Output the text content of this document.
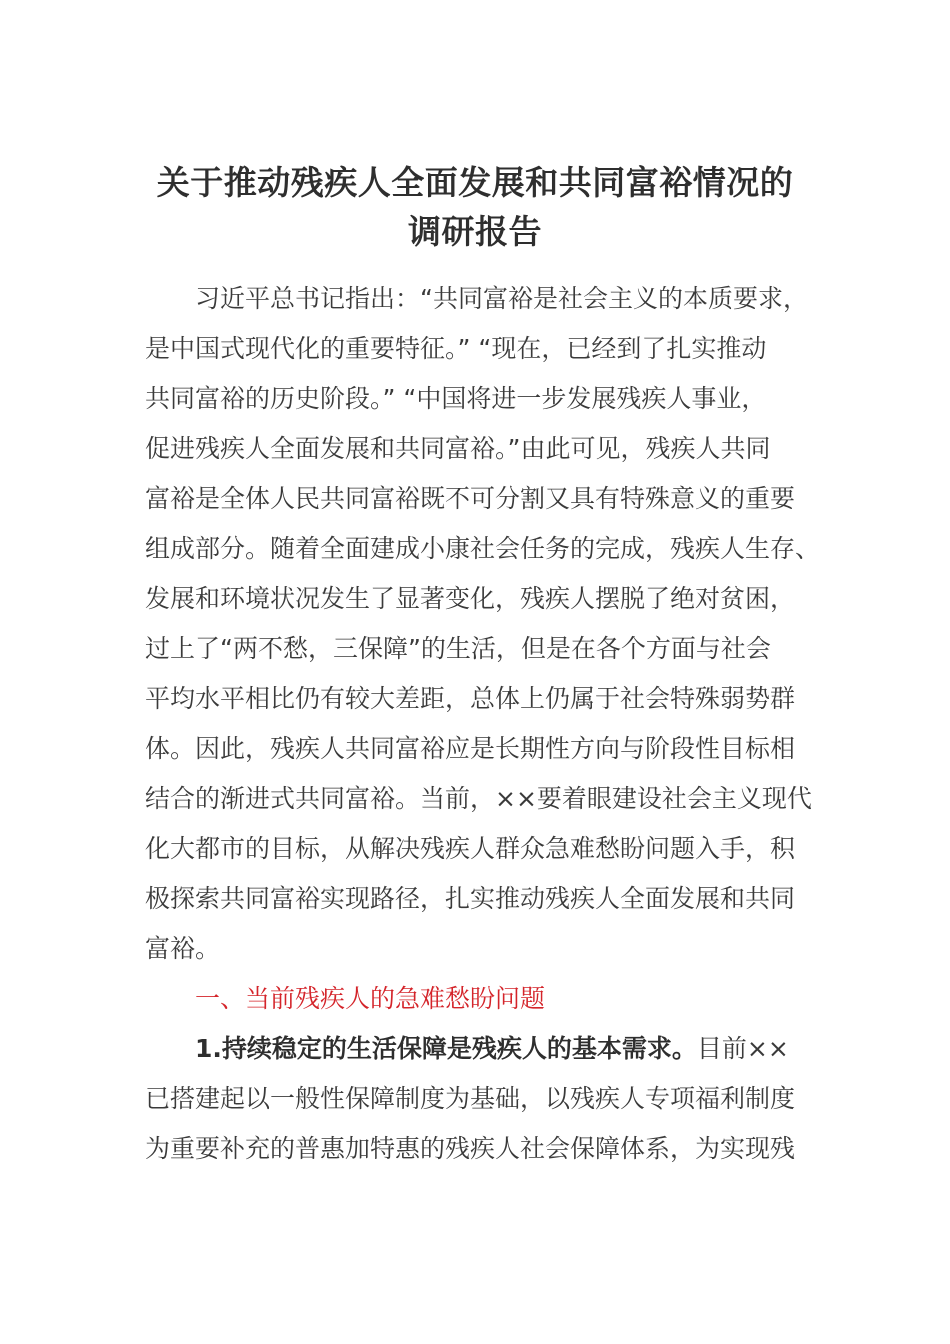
关于推动残疾人全面发展和共同富裕情况的
调研报告

习近平总书记指出：“共同富裕是社会主义的本质要求，

是中国式现代化的重要特征。” “现在，已经到了扎实推动

共同富裕的历史阶段。” “中国将进一步发展残疾人事业，

促进残疾人全面发展和共同富裕。”由此可见，残疾人共同

富裕是全体人民共同富裕既不可分割又具有特殊意义的重要

组成部分。随着全面建成小康社会任务的完成，残疾人生存、

发展和环境状况发生了显著变化，残疾人摆脱了绝对贫困，

过上了“两不愁，三保障”的生活，但是在各个方面与社会

平均水平相比仍有较大差距，总体上仍属于社会特殊弱势群

体。因此，残疾人共同富裕应是长期性方向与阶段性目标相

结合的渐进式共同富裕。当前，××要着眼建设社会主义现代

化大都市的目标，从解决残疾人群众急难愁盼问题入手，积

极探索共同富裕实现路径，扎实推动残疾人全面发展和共同

富裕。

一、当前残疾人的急难愁盼问题

1.持续稳定的生活保障是残疾人的基本需求。目前××

已搭建起以一般性保障制度为基础，以残疾人专项福利制度

为重要补充的普惠加特惠的残疾人社会保障体系，为实现残
